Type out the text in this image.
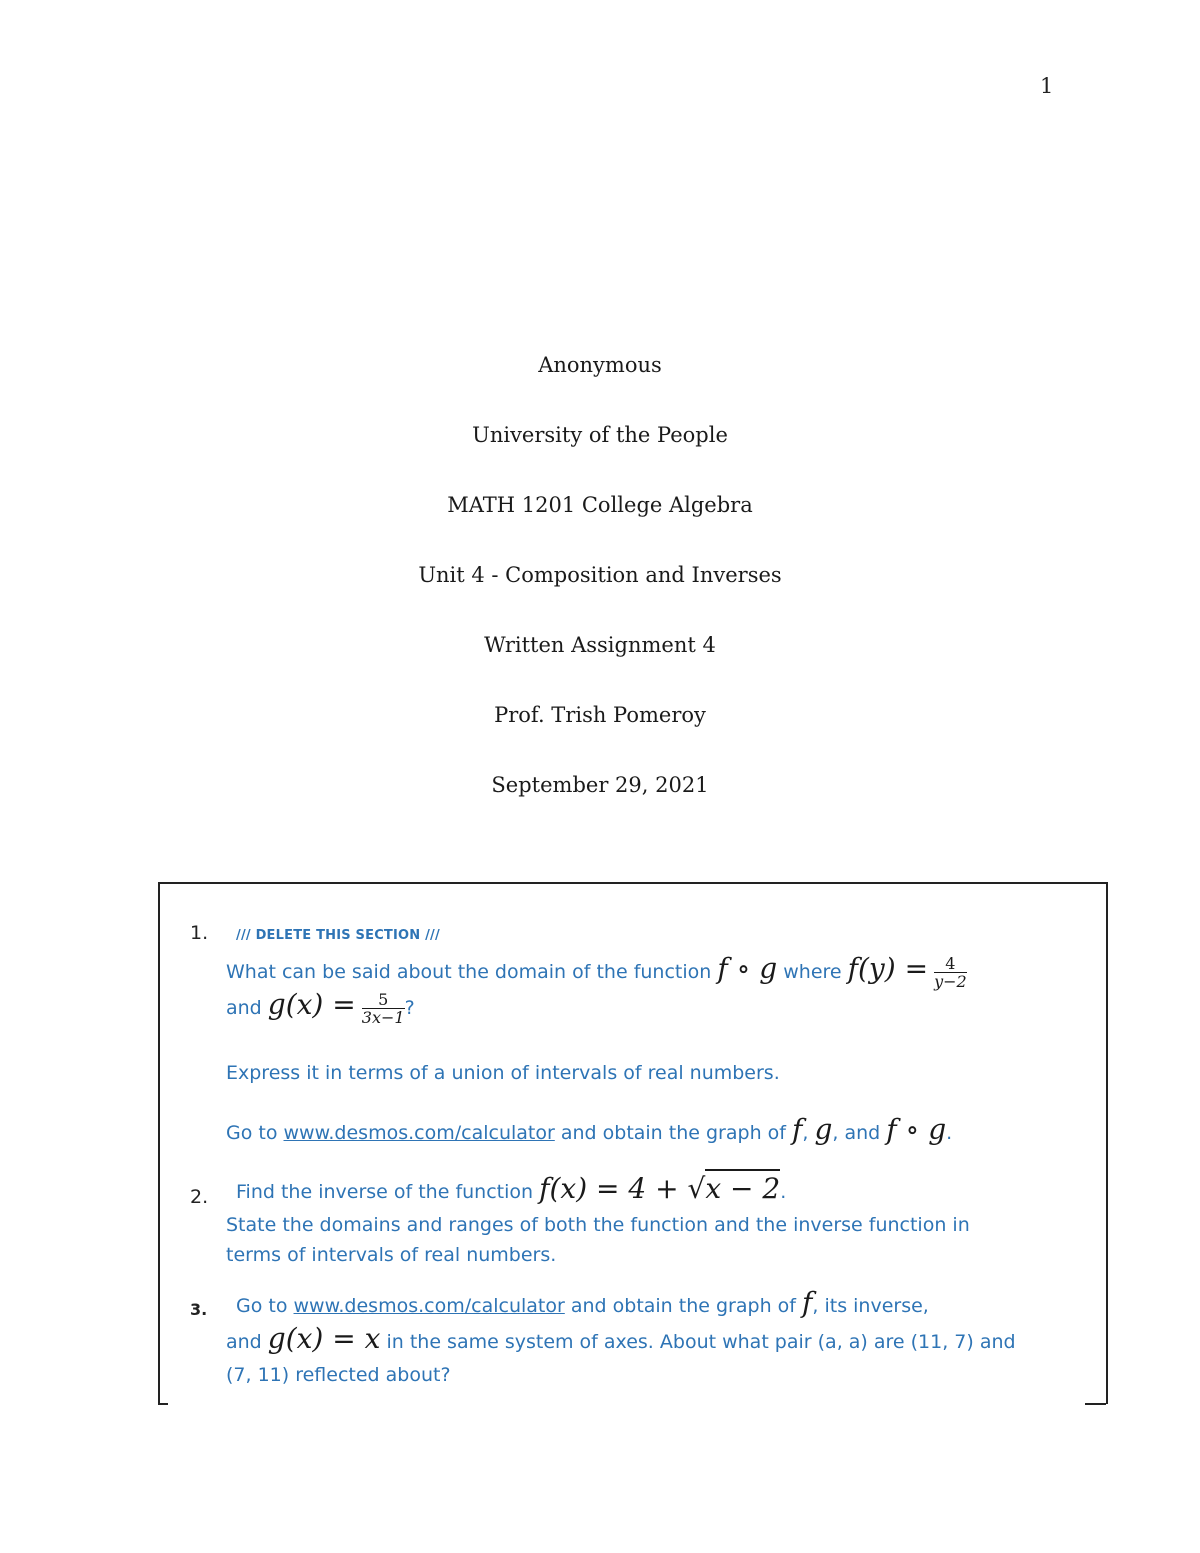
1
Anonymous
University of the People
MATH 1201 College Algebra
Unit 4 - Composition and Inverses
Written Assignment 4
Prof. Trish Pomeroy
September 29, 2021
1. /// DELETE THIS SECTION ///
What can be said about the domain of the function f ∘ g where $f(y) = \frac{4}{y-2}$
and $g(x) = \frac{5}{3x-1}$ ?
Express it in terms of a union of intervals of real numbers.
Go to www.desmos.com/calculator and obtain the graph of f, g, and f ∘ g.
2. Find the inverse of the function f(x) = 4 + √x − 2.
State the domains and ranges of both the function and the inverse function in
terms of intervals of real numbers.
3. Go to www.desmos.com/calculator and obtain the graph of f, its inverse,
and g(x) = x in the same system of axes. About what pair (a, a) are (11, 7) and
(7, 11) reflected about?
